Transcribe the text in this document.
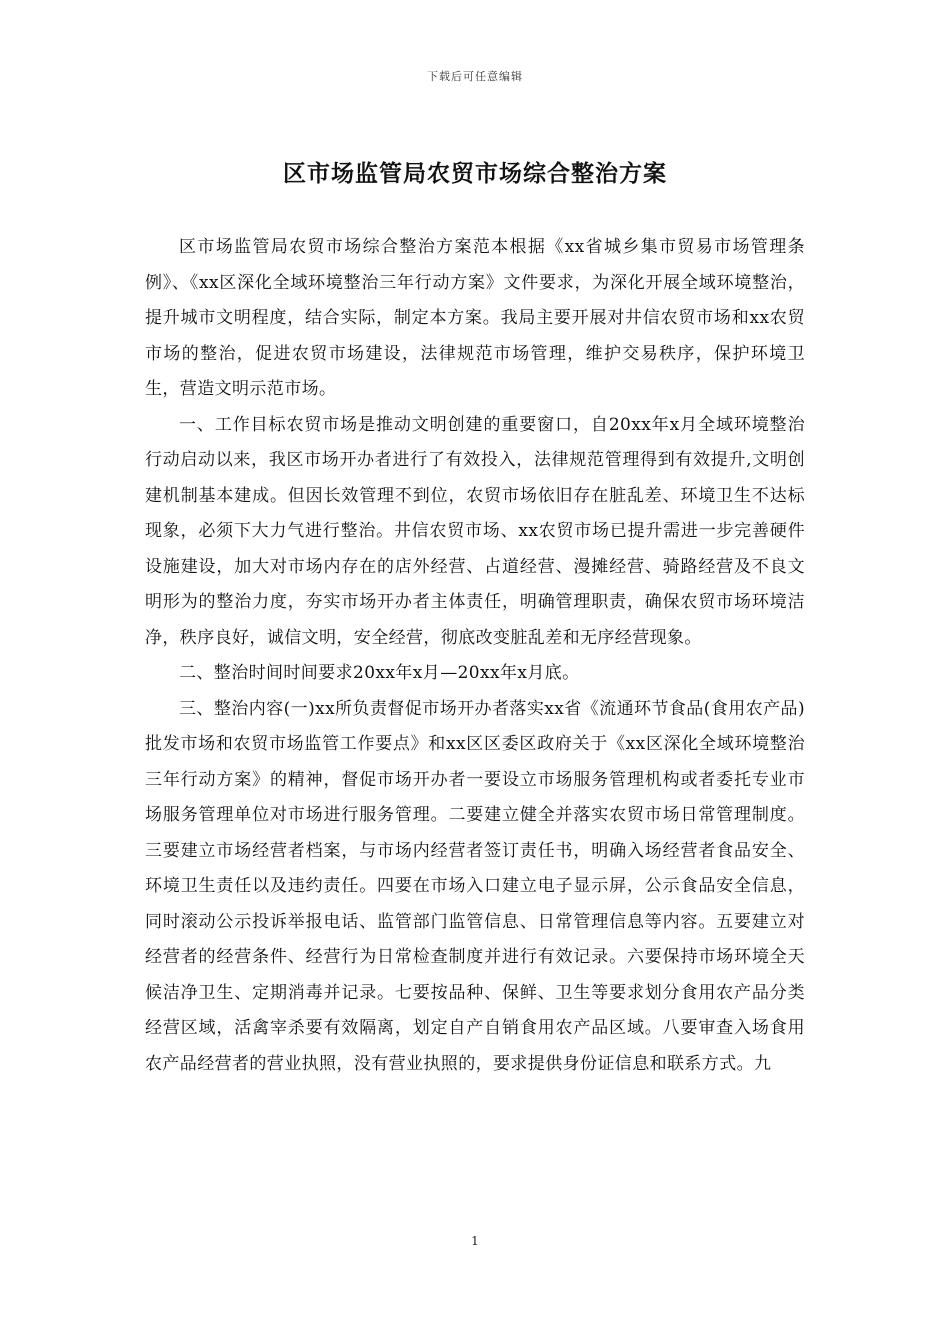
下载后可任意编辑
区市场监管局农贸市场综合整治方案

区市场监管局农贸市场综合整治方案范本根据《xx省城乡集市贸易市场管理条例》、《xx区深化全域环境整治三年行动方案》文件要求，为深化开展全域环境整治，提升城市文明程度，结合实际，制定本方案。我局主要开展对井信农贸市场和xx农贸市场的整治，促进农贸市场建设，法律规范市场管理，维护交易秩序，保护环境卫生，营造文明示范市场。

一、工作目标农贸市场是推动文明创建的重要窗口，自20xx年x月全域环境整治行动启动以来，我区市场开办者进行了有效投入，法律规范管理得到有效提升,文明创建机制基本建成。但因长效管理不到位，农贸市场依旧存在脏乱差、环境卫生不达标现象，必须下大力气进行整治。井信农贸市场、xx农贸市场已提升需进一步完善硬件设施建设，加大对市场内存在的店外经营、占道经营、漫摊经营、骑路经营及不良文明形为的整治力度，夯实市场开办者主体责任，明确管理职责，确保农贸市场环境洁净，秩序良好，诚信文明，安全经营，彻底改变脏乱差和无序经营现象。

二、整治时间时间要求20xx年x月—20xx年x月底。

三、整治内容(一)xx所负责督促市场开办者落实xx省《流通环节食品(食用农产品)批发市场和农贸市场监管工作要点》和xx区区委区政府关于《xx区深化全域环境整治三年行动方案》的精神，督促市场开办者一要设立市场服务管理机构或者委托专业市场服务管理单位对市场进行服务管理。二要建立健全并落实农贸市场日常管理制度。三要建立市场经营者档案，与市场内经营者签订责任书，明确入场经营者食品安全、环境卫生责任以及违约责任。四要在市场入口建立电子显示屏，公示食品安全信息，同时滚动公示投诉举报电话、监管部门监管信息、日常管理信息等内容。五要建立对经营者的经营条件、经营行为日常检查制度并进行有效记录。六要保持市场环境全天候洁净卫生、定期消毒并记录。七要按品种、保鲜、卫生等要求划分食用农产品分类经营区域，活禽宰杀要有效隔离，划定自产自销食用农产品区域。八要审查入场食用农产品经营者的营业执照，没有营业执照的，要求提供身份证信息和联系方式。九

1
